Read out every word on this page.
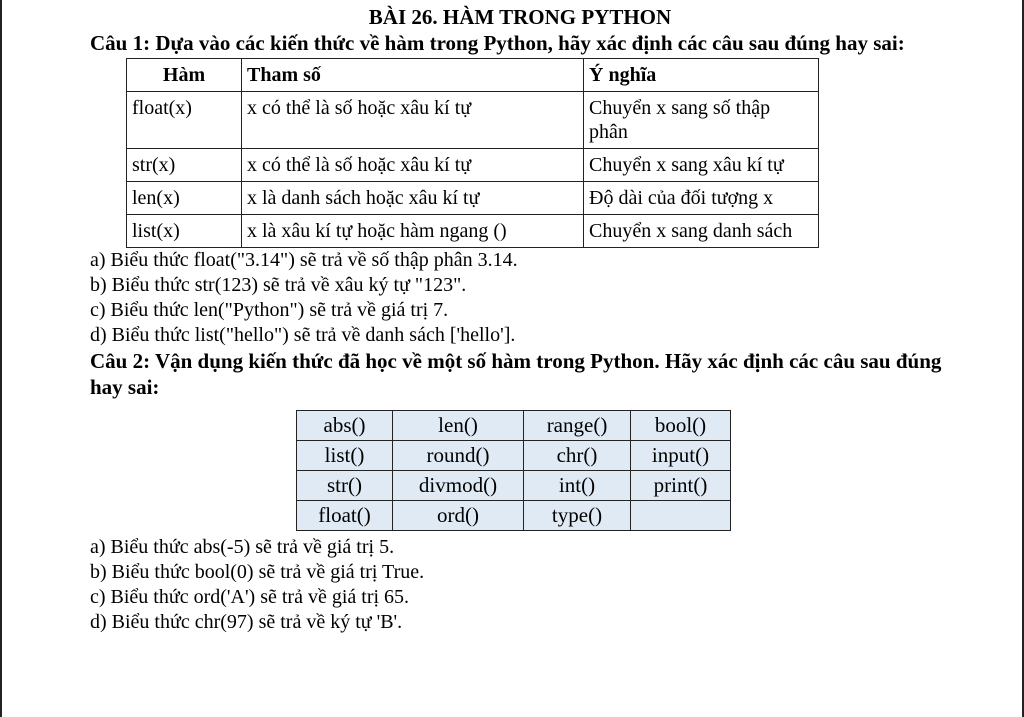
BÀI 26. HÀM TRONG PYTHON

Câu 1: Dựa vào các kiến thức về hàm trong Python, hãy xác định các câu sau đúng hay sai:

Hàm	Tham số	Ý nghĩa
float(x)	x có thể là số hoặc xâu kí tự	Chuyển x sang số thập phân
str(x)	x có thể là số hoặc xâu kí tự	Chuyển x sang xâu kí tự
len(x)	x là danh sách hoặc xâu kí tự	Độ dài của đối tượng x
list(x)	x là xâu kí tự hoặc hàm ngang ()	Chuyển x sang danh sách

a) Biểu thức float("3.14") sẽ trả về số thập phân 3.14.

b) Biểu thức str(123) sẽ trả về xâu ký tự "123".

c) Biểu thức len("Python") sẽ trả về giá trị 7.

d) Biểu thức list("hello") sẽ trả về danh sách ['hello'].

Câu 2: Vận dụng kiến thức đã học về một số hàm trong Python. Hãy xác định các câu sau đúng hay sai:

abs()	len()	range()	bool()
list()	round()	chr()	input()
str()	divmod()	int()	print()
float()	ord()	type()	

a) Biểu thức abs(-5) sẽ trả về giá trị 5.

b) Biểu thức bool(0) sẽ trả về giá trị True.

c) Biểu thức ord('A') sẽ trả về giá trị 65.

d) Biểu thức chr(97) sẽ trả về ký tự 'B'.
